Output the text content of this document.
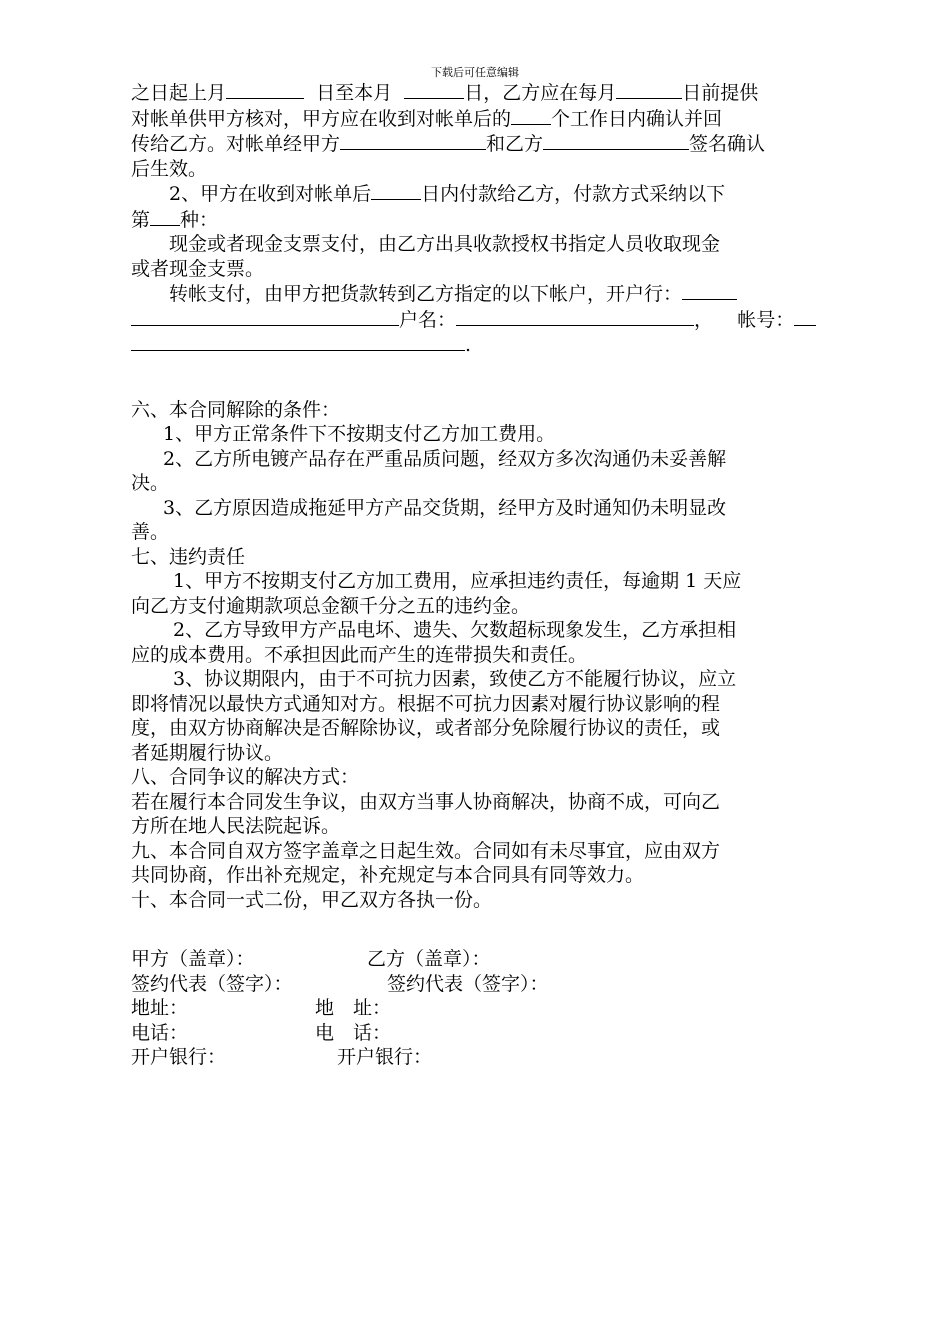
下载后可任意编辑

之日起上月	日至本月	日，乙方应在每月	日前提供

对帐单供甲方核对，甲方应在收到对帐单后的 个工作日内确认并回

传给乙方。对帐单经甲方	和乙方	签名确认

后生效。

2、甲方在收到对帐单后	日内付款给乙方，付款方式采纳以下

第 种：

现金或者现金支票支付，由乙方出具收款授权书指定人员收取现金

或者现金支票。

转帐支付，由甲方把货款转到乙方指定的以下帐户，开户行：

户名：	， 帐号：

.

六、本合同解除的条件：

1、甲方正常条件下不按期支付乙方加工费用。

2、乙方所电镀产品存在严重品质问题，经双方多次沟通仍未妥善解

决。

3、乙方原因造成拖延甲方产品交货期，经甲方及时通知仍未明显改

善。

七、违约责任

1、甲方不按期支付乙方加工费用，应承担违约责任，每逾期 1 天应

向乙方支付逾期款项总金额千分之五的违约金。

2、乙方导致甲方产品电坏、遗失、欠数超标现象发生，乙方承担相

应的成本费用。不承担因此而产生的连带损失和责任。

3、协议期限内，由于不可抗力因素，致使乙方不能履行协议，应立

即将情况以最快方式通知对方。根据不可抗力因素对履行协议影响的程

度，由双方协商解决是否解除协议，或者部分免除履行协议的责任，或

者延期履行协议。

八、合同争议的解决方式：

若在履行本合同发生争议，由双方当事人协商解决，协商不成，可向乙

方所在地人民法院起诉。

九、本合同自双方签字盖章之日起生效。合同如有未尽事宜，应由双方

共同协商，作出补充规定，补充规定与本合同具有同等效力。

十、本合同一式二份，甲乙双方各执一份。

甲方（盖章）：	乙方（盖章）：
签约代表（签字）：	签约代表（签字）：
地址：	地　址：
电话：	电　话：
开户银行：	开户银行：
